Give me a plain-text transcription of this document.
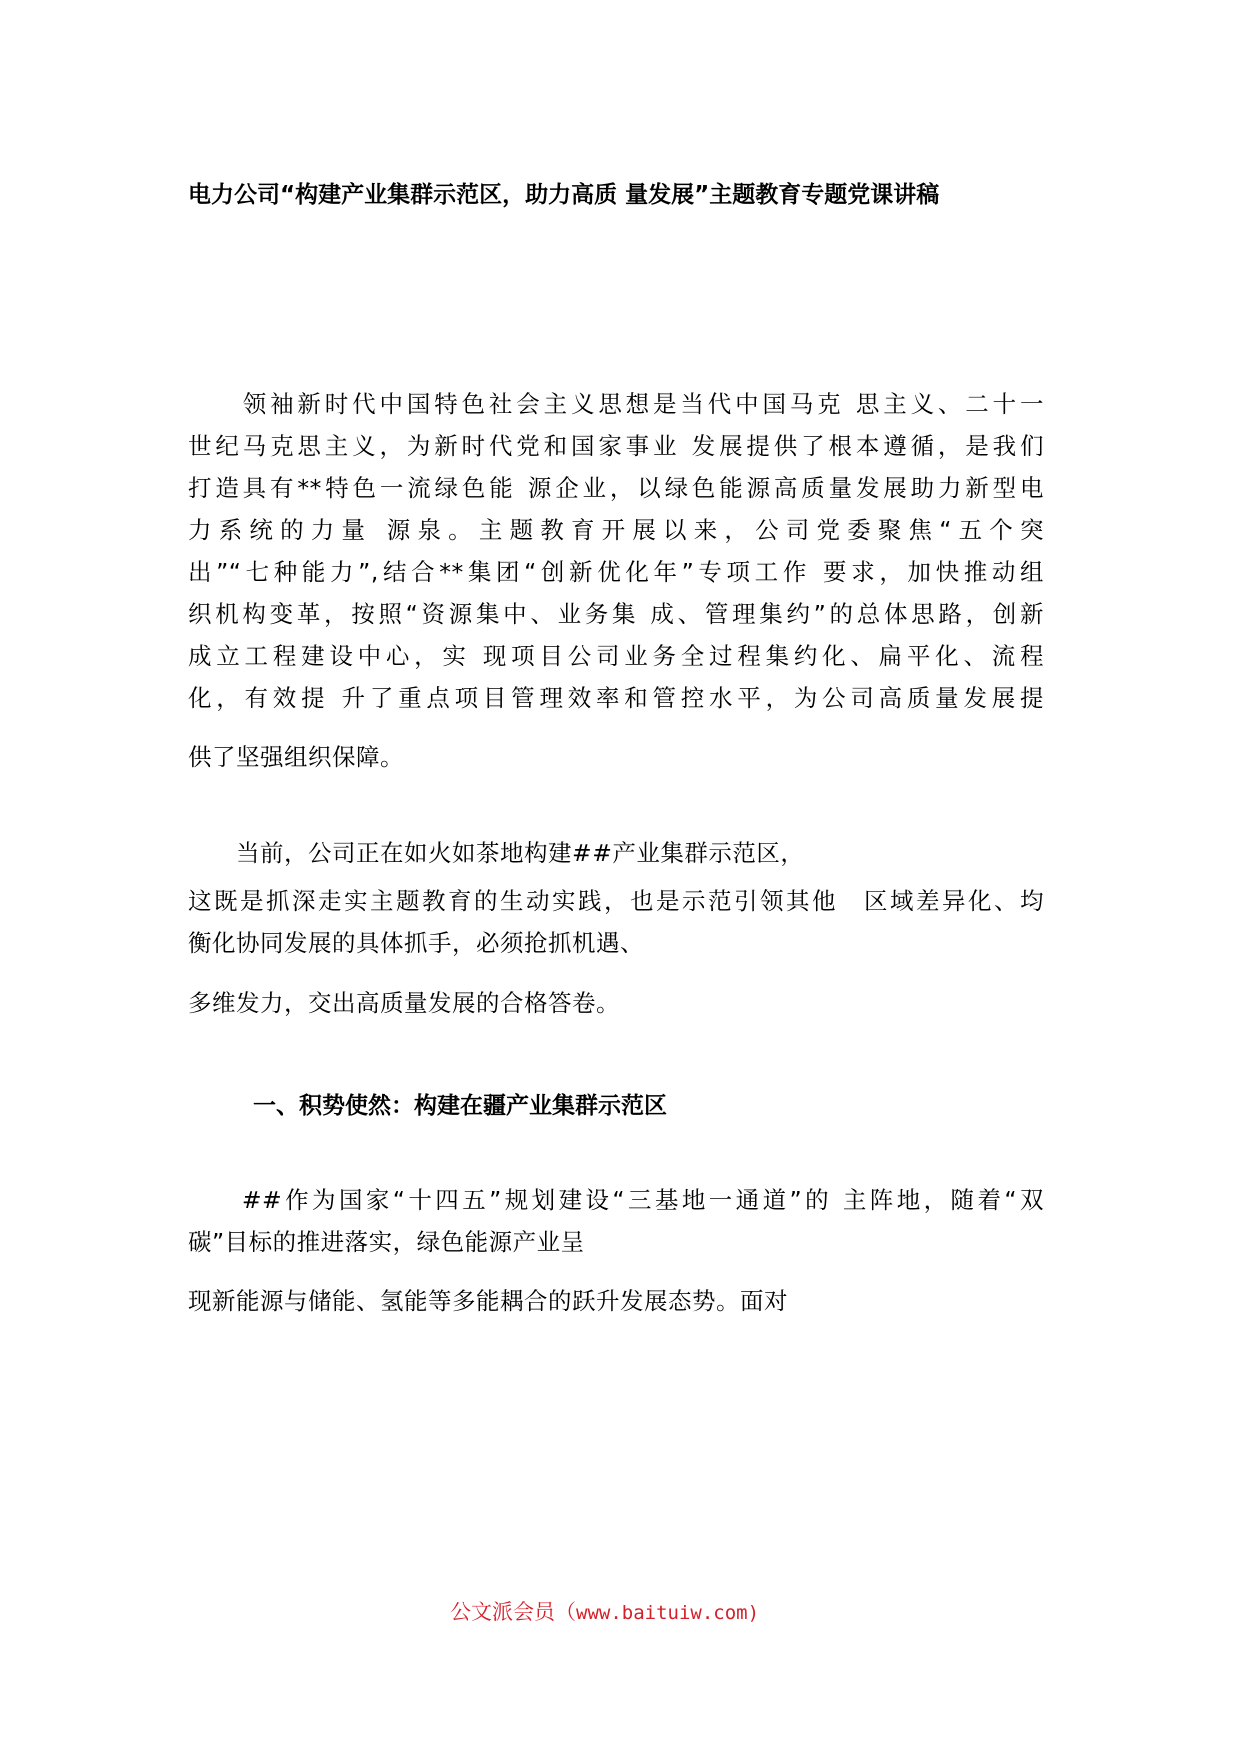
电力公司“构建产业集群示范区，助力高质 量发展”主题教育专题党课讲稿
　　领袖新时代中国特色社会主义思想是当代中国马克 思主义、二十一
世纪马克思主义，为新时代党和国家事业 发展提供了根本遵循，是我们
打造具有**特色一流绿色能 源企业，以绿色能源高质量发展助力新型电
力系统的力量 源泉。主题教育开展以来，公司党委聚焦“五个突
出”“七种能力”,结合**集团“创新优化年”专项工作 要求，加快推动组
织机构变革，按照“资源集中、业务集 成、管理集约”的总体思路，创新
成立工程建设中心，实 现项目公司业务全过程集约化、扁平化、流程
化，有效提 升了重点项目管理效率和管控水平，为公司高质量发展提
供了坚强组织保障。
　　当前，公司正在如火如茶地构建##产业集群示范区，
这既是抓深走实主题教育的生动实践，也是示范引领其他　区域差异化、均
衡化协同发展的具体抓手，必须抢抓机遇、
多维发力，交出高质量发展的合格答卷。
一、积势使然：构建在疆产业集群示范区
　　##作为国家“十四五”规划建设“三基地一通道”的 主阵地，随着“双
碳”目标的推进落实，绿色能源产业呈
现新能源与储能、氢能等多能耦合的跃升发展态势。面对
公文派会员（www.baituiw.com)
